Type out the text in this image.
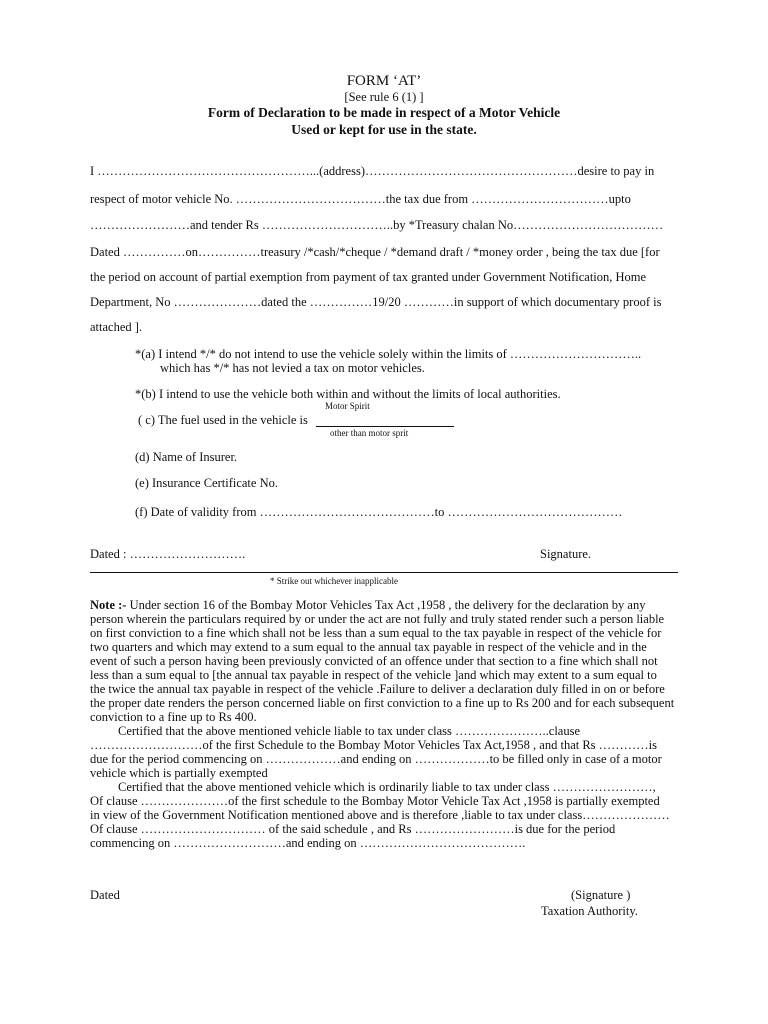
FORM ‘AT’
[See rule 6 (1) ]
Form of Declaration to be made in respect of a Motor Vehicle
Used or kept for use in the state.
I ……………………………………………...(address)……………………………………………desire to pay in
respect of motor vehicle No. ………………………………the tax due from ……………………………upto
……………………and tender Rs …………………………..by *Treasury chalan No………………………………
Dated ……………on……………treasury /*cash/*cheque / *demand draft / *money order , being the tax due [for
the period on account of partial exemption from payment of tax granted under Government Notification, Home
Department, No …………………dated the ……………19/20 …………in support of which documentary proof is
attached ].
*(a) I intend */* do not intend to use the vehicle solely within the limits of …………………………..
which has */* has not levied a tax on motor vehicles.
*(b) I intend to use the vehicle both within and without the limits of local authorities.
Motor Spirit
( c) The fuel used in the vehicle is
other than motor sprit
(d) Name of Insurer.
(e) Insurance Certificate No.
(f) Date of validity from ……………………………………to ……………………………………
Dated : ……………………….	Signature.
* Strike out whichever inapplicable
Note :- Under section 16 of the Bombay Motor Vehicles Tax Act ,1958 , the delivery for the declaration by any
person wherein the particulars required by or under the act are not fully and truly stated render such a person liable
on first conviction to a fine which shall not be less than a sum equal to the tax payable in respect of the vehicle for
two quarters and which may extend to a sum equal to the annual tax payable in respect of the vehicle and in the
event of such a person having been previously convicted of an offence under that section to a fine which shall not
less than a sum equal to [the annual tax payable in respect of the vehicle ]and which may extent to a sum equal to
the twice the annual tax payable in respect of the vehicle .Failure to deliver a declaration duly filled in on or before
the proper date renders the person concerned liable on first conviction to a fine up to Rs 200 and for each subsequent
conviction to a fine up to Rs 400.
Certified that the above mentioned vehicle liable to tax under class …………………..clause
………………………of the first Schedule to the Bombay Motor Vehicles Tax Act,1958 , and that Rs …………is
due for the period commencing on ………………and ending on ………………to be filled only in case of a motor
vehicle which is partially exempted
Certified that the above mentioned vehicle which is ordinarily liable to tax under class ……………………,
Of clause …………………of the first schedule to the Bombay Motor Vehicle Tax Act ,1958 is partially exempted
in view of the Government Notification mentioned above and is therefore ,liable to tax under class…………………
Of clause ………………………… of the said schedule , and Rs ……………………is due for the period
commencing on ………………………and ending on ………………………………….
Dated	(Signature )
Taxation Authority.
